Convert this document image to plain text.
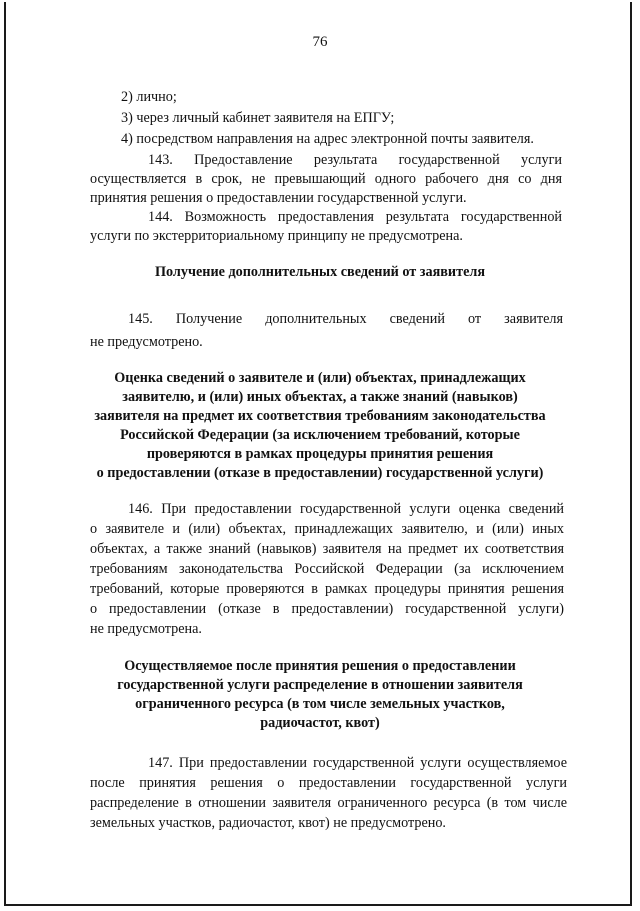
76
2) лично;
3) через личный кабинет заявителя на ЕПГУ;
4) посредством направления на адрес электронной почты заявителя.
143. Предоставление результата государственной услуги
осуществляется в срок, не превышающий одного рабочего дня со дня
принятия решения о предоставлении государственной услуги.
144. Возможность предоставления результата государственной
услуги по экстерриториальному принципу не предусмотрена.
Получение дополнительных сведений от заявителя
145. Получение дополнительных сведений от заявителя
не предусмотрено.
Оценка сведений о заявителе и (или) объектах, принадлежащих
заявителю, и (или) иных объектах, а также знаний (навыков)
заявителя на предмет их соответствия требованиям законодательства
Российской Федерации (за исключением требований, которые
проверяются в рамках процедуры принятия решения
о предоставлении (отказе в предоставлении) государственной услуги)
146. При предоставлении государственной услуги оценка сведений
о заявителе и (или) объектах, принадлежащих заявителю, и (или) иных
объектах, а также знаний (навыков) заявителя на предмет их соответствия
требованиям законодательства Российской Федерации (за исключением
требований, которые проверяются в рамках процедуры принятия решения
о предоставлении (отказе в предоставлении) государственной услуги)
не предусмотрена.
Осуществляемое после принятия решения о предоставлении
государственной услуги распределение в отношении заявителя
ограниченного ресурса (в том числе земельных участков,
радиочастот, квот)
147. При предоставлении государственной услуги осуществляемое
после принятия решения о предоставлении государственной услуги
распределение в отношении заявителя ограниченного ресурса (в том числе
земельных участков, радиочастот, квот) не предусмотрено.
